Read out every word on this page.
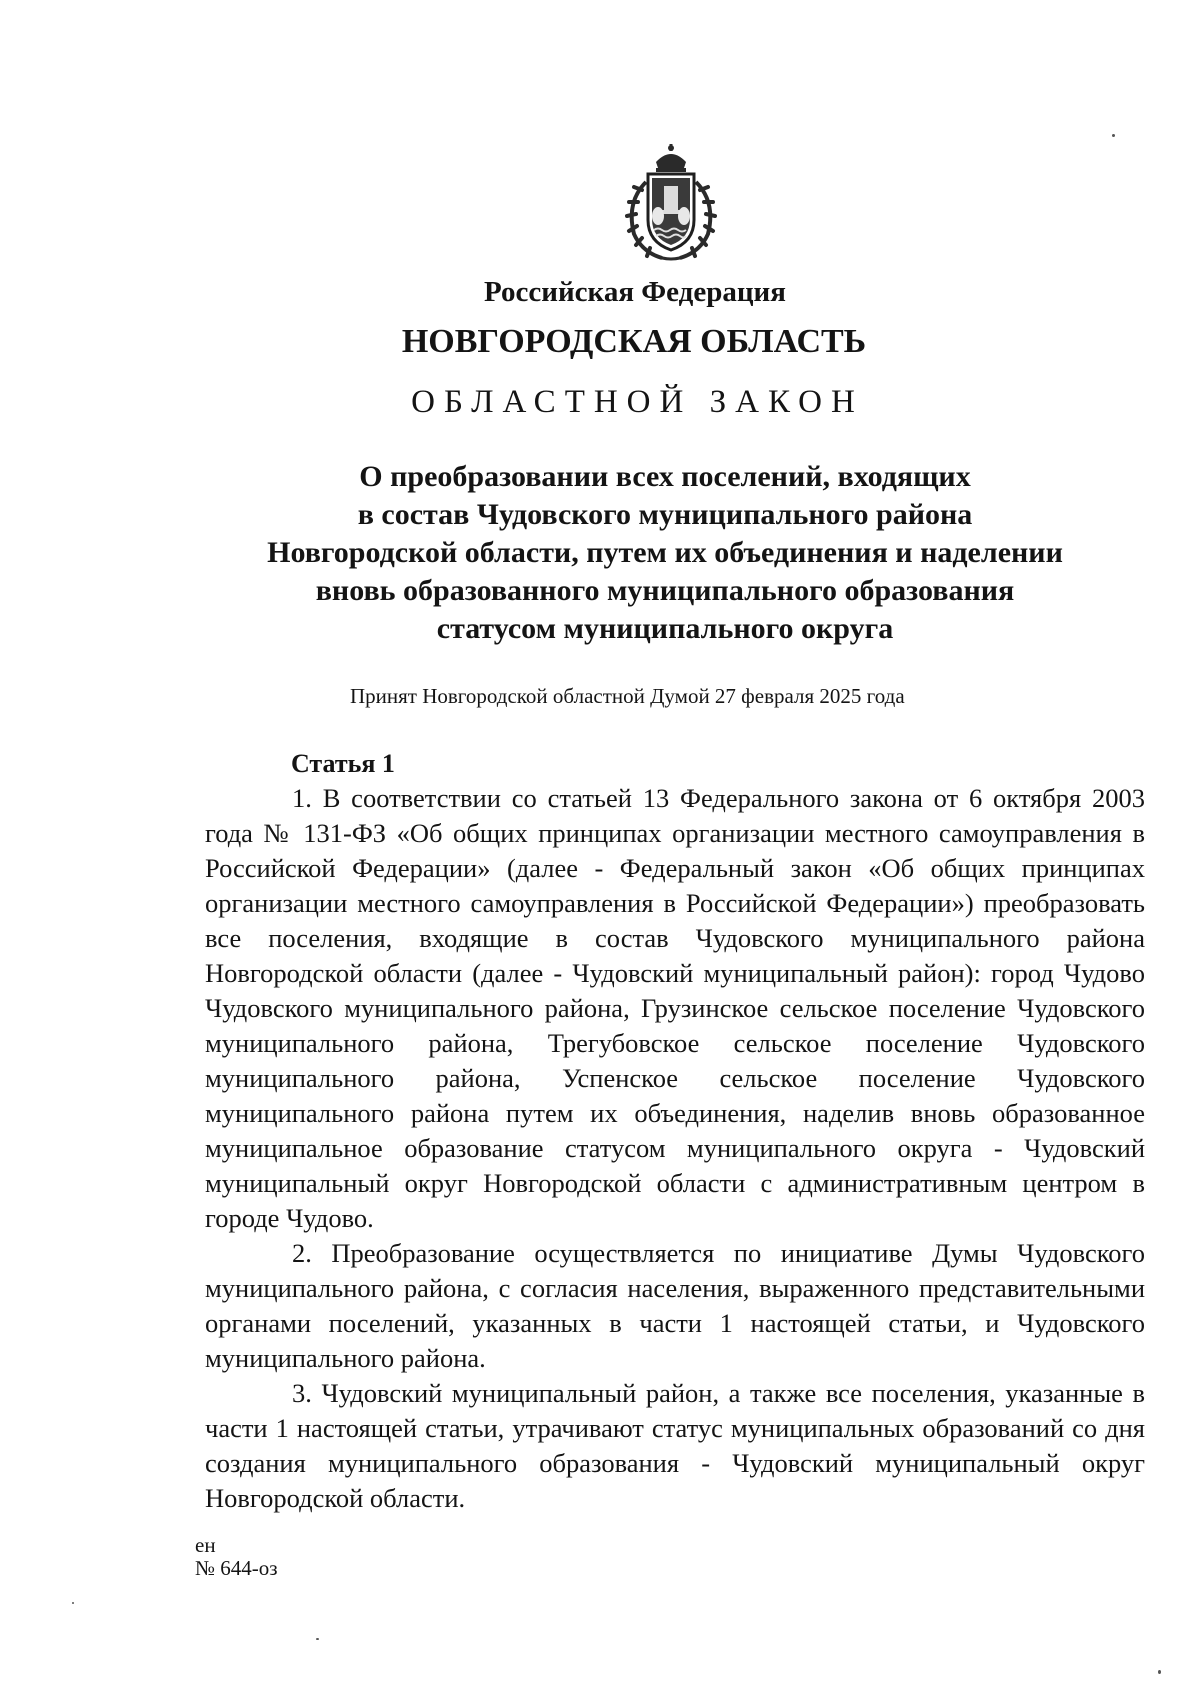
Российская Федерация
НОВГОРОДСКАЯ ОБЛАСТЬ
ОБЛАСТНОЙ ЗАКОН
О преобразовании всех поселений, входящих
в состав Чудовского муниципального района
Новгородской области, путем их объединения и наделении
вновь образованного муниципального образования
статусом муниципального округа
Принят Новгородской областной Думой 27 февраля 2025 года
Статья 1

1. В соответствии со статьей 13 Федерального закона от 6 октября 2003 года № 131-ФЗ «Об общих принципах организации местного самоуправления в Российской Федерации» (далее - Федеральный закон «Об общих принципах организации местного самоуправления в Российской Федерации») преобразовать все поселения, входящие в состав Чудовского муниципального района Новгородской области (далее - Чудовский муниципальный район): город Чудово Чудовского муниципального района, Грузинское сельское поселение Чудовского муниципального района, Трегубовское сельское поселение Чудовского муниципального района, Успенское сельское поселение Чудовского муниципального района путем их объединения, наделив вновь образованное муниципальное образование статусом муниципального округа - Чудовский муниципальный округ Новгородской области с административным центром в городе Чудово.

2. Преобразование осуществляется по инициативе Думы Чудовского муниципального района, с согласия населения, выраженного представительными органами поселений, указанных в части 1 настоящей статьи, и Чудовского муниципального района.

3. Чудовский муниципальный район, а также все поселения, указанные в части 1 настоящей статьи, утрачивают статус муниципальных образований со дня создания муниципального образования - Чудовский муниципальный округ Новгородской области.

ен
№ 644-оз
